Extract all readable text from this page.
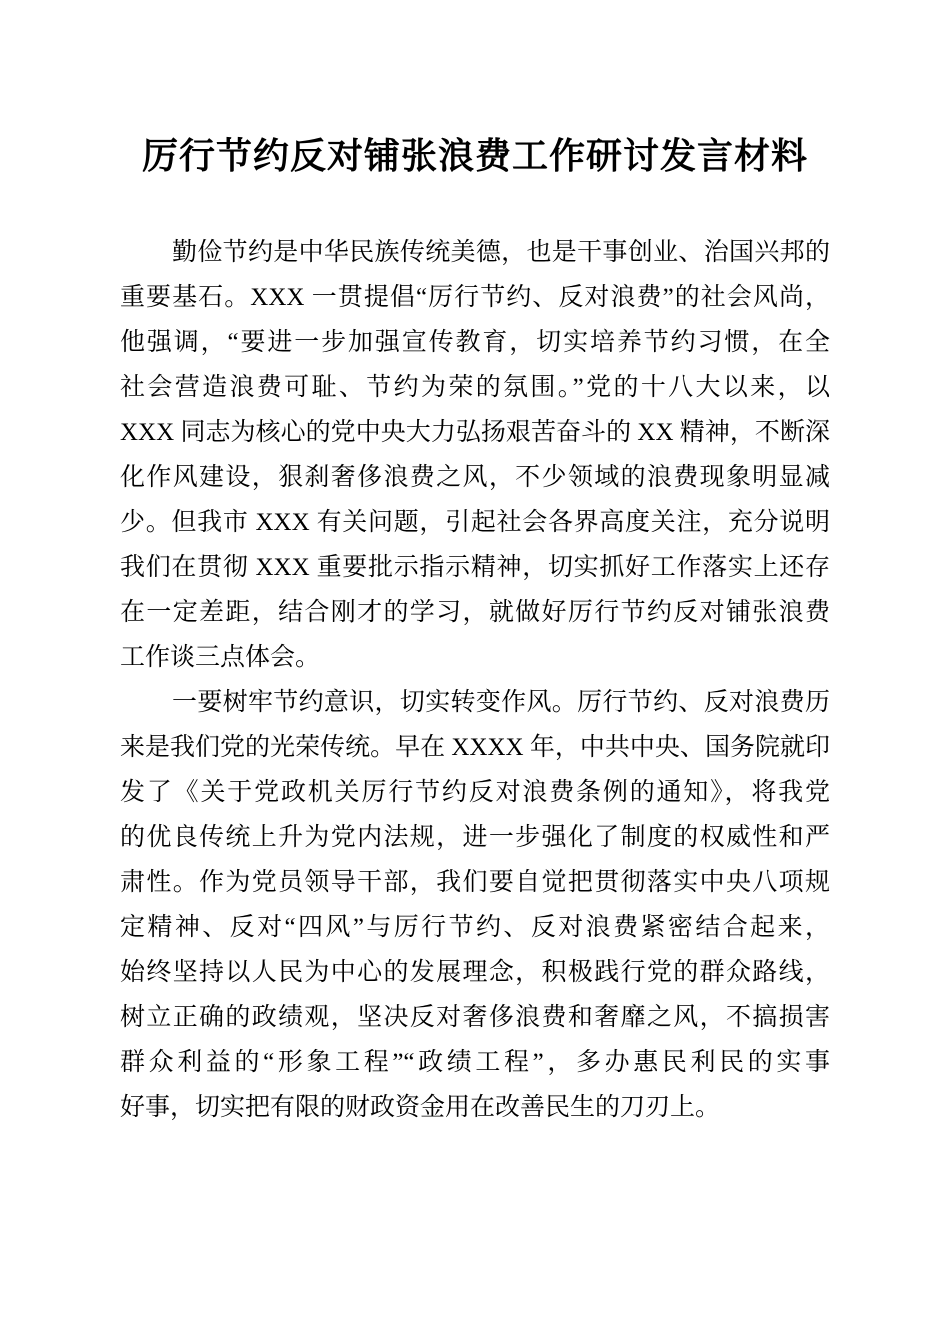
厉行节约反对铺张浪费工作研讨发言材料
勤俭节约是中华民族传统美德，也是干事创业、治国兴邦的
重要基石。XXX 一贯提倡“厉行节约、反对浪费”的社会风尚，
他强调，“要进一步加强宣传教育，切实培养节约习惯，在全
社会营造浪费可耻、节约为荣的氛围。”党的十八大以来，以
XXX 同志为核心的党中央大力弘扬艰苦奋斗的 XX 精神，不断深
化作风建设，狠刹奢侈浪费之风，不少领域的浪费现象明显减
少。但我市 XXX 有关问题，引起社会各界高度关注，充分说明
我们在贯彻 XXX 重要批示指示精神，切实抓好工作落实上还存
在一定差距，结合刚才的学习，就做好厉行节约反对铺张浪费
工作谈三点体会。
一要树牢节约意识，切实转变作风。厉行节约、反对浪费历
来是我们党的光荣传统。早在 XXXX 年，中共中央、国务院就印
发了《关于党政机关厉行节约反对浪费条例的通知》，将我党
的优良传统上升为党内法规，进一步强化了制度的权威性和严
肃性。作为党员领导干部，我们要自觉把贯彻落实中央八项规
定精神、反对“四风”与厉行节约、反对浪费紧密结合起来，
始终坚持以人民为中心的发展理念，积极践行党的群众路线，
树立正确的政绩观，坚决反对奢侈浪费和奢靡之风，不搞损害
群众利益的“形象工程”“政绩工程”，多办惠民利民的实事
好事，切实把有限的财政资金用在改善民生的刀刃上。
